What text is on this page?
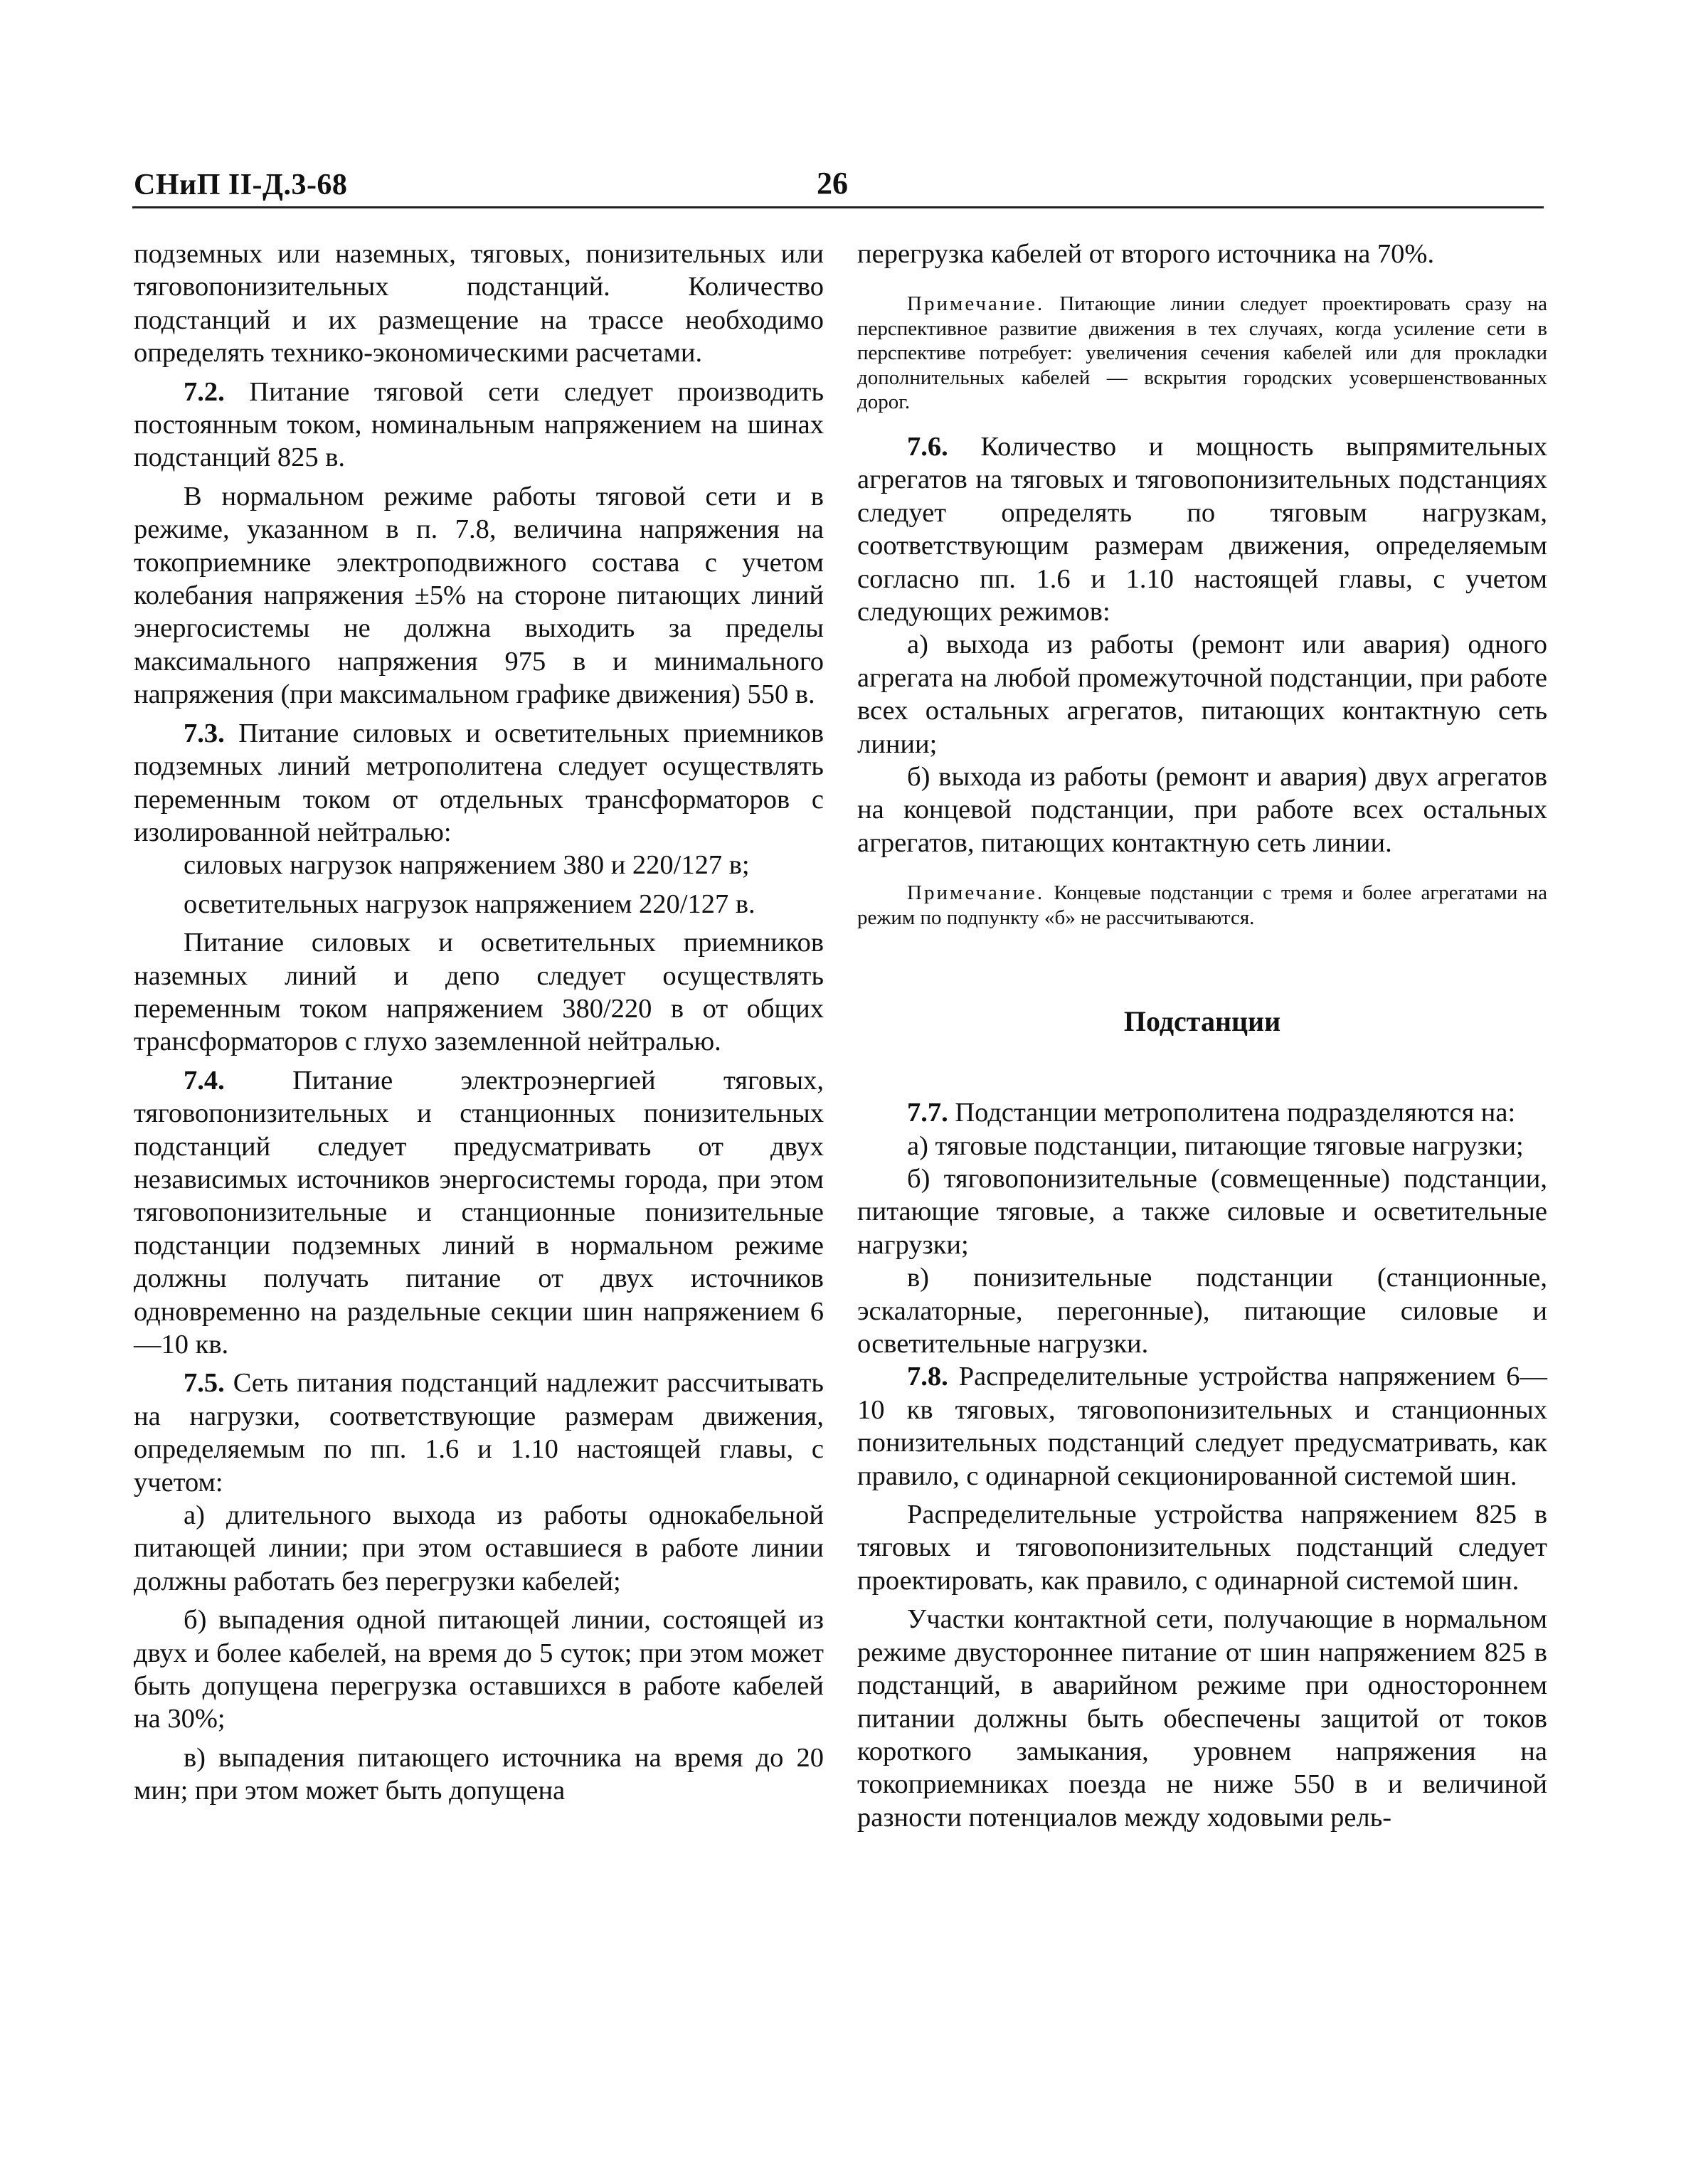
СНиП II-Д.3-68	26

подземных или наземных, тяговых, понизительных или тяговопонизительных подстанций. Количество подстанций и их размещение на трассе необходимо определять технико-экономическими расчетами.

7.2. Питание тяговой сети следует производить постоянным током, номинальным напряжением на шинах подстанций 825 в.

В нормальном режиме работы тяговой сети и в режиме, указанном в п. 7.8, величина напряжения на токоприемнике электроподвижного состава с учетом колебания напряжения ±5% на стороне питающих линий энергосистемы не должна выходить за пределы максимального напряжения 975 в и минимального напряжения (при максимальном графике движения) 550 в.

7.3. Питание силовых и осветительных приемников подземных линий метрополитена следует осуществлять переменным током от отдельных трансформаторов с изолированной нейтралью:

силовых нагрузок напряжением 380 и 220/127 в;

осветительных нагрузок напряжением 220/127 в.

Питание силовых и осветительных приемников наземных линий и депо следует осуществлять переменным током напряжением 380/220 в от общих трансформаторов с глухо заземленной нейтралью.

7.4. Питание электроэнергией тяговых, тяговопонизительных и станционных понизительных подстанций следует предусматривать от двух независимых источников энергосистемы города, при этом тяговопонизительные и станционные понизительные подстанции подземных линий в нормальном режиме должны получать питание от двух источников одновременно на раздельные секции шин напряжением 6—10 кв.

7.5. Сеть питания подстанций надлежит рассчитывать на нагрузки, соответствующие размерам движения, определяемым по пп. 1.6 и 1.10 настоящей главы, с учетом:

а) длительного выхода из работы однокабельной питающей линии; при этом оставшиеся в работе линии должны работать без перегрузки кабелей;

б) выпадения одной питающей линии, состоящей из двух и более кабелей, на время до 5 суток; при этом может быть допущена перегрузка оставшихся в работе кабелей на 30%;

в) выпадения питающего источника на время до 20 мин; при этом может быть допущена

перегрузка кабелей от второго источника на 70%.

Примечание. Питающие линии следует проектировать сразу на перспективное развитие движения в тех случаях, когда усиление сети в перспективе потребует: увеличения сечения кабелей или для прокладки дополнительных кабелей — вскрытия городских усовершенствованных дорог.

7.6. Количество и мощность выпрямительных агрегатов на тяговых и тяговопонизительных подстанциях следует определять по тяговым нагрузкам, соответствующим размерам движения, определяемым согласно пп. 1.6 и 1.10 настоящей главы, с учетом следующих режимов:

а) выхода из работы (ремонт или авария) одного агрегата на любой промежуточной подстанции, при работе всех остальных агрегатов, питающих контактную сеть линии;

б) выхода из работы (ремонт и авария) двух агрегатов на концевой подстанции, при работе всех остальных агрегатов, питающих контактную сеть линии.

Примечание. Концевые подстанции с тремя и более агрегатами на режим по подпункту «б» не рассчитываются.

Подстанции

7.7. Подстанции метрополитена подразделяются на:

а) тяговые подстанции, питающие тяговые нагрузки;

б) тяговопонизительные (совмещенные) подстанции, питающие тяговые, а также силовые и осветительные нагрузки;

в) понизительные подстанции (станционные, эскалаторные, перегонные), питающие силовые и осветительные нагрузки.

7.8. Распределительные устройства напряжением 6—10 кв тяговых, тяговопонизительных и станционных понизительных подстанций следует предусматривать, как правило, с одинарной секционированной системой шин.

Распределительные устройства напряжением 825 в тяговых и тяговопонизительных подстанций следует проектировать, как правило, с одинарной системой шин.

Участки контактной сети, получающие в нормальном режиме двустороннее питание от шин напряжением 825 в подстанций, в аварийном режиме при одностороннем питании должны быть обеспечены защитой от токов короткого замыкания, уровнем напряжения на токоприемниках поезда не ниже 550 в и величиной разности потенциалов между ходовыми рель-
